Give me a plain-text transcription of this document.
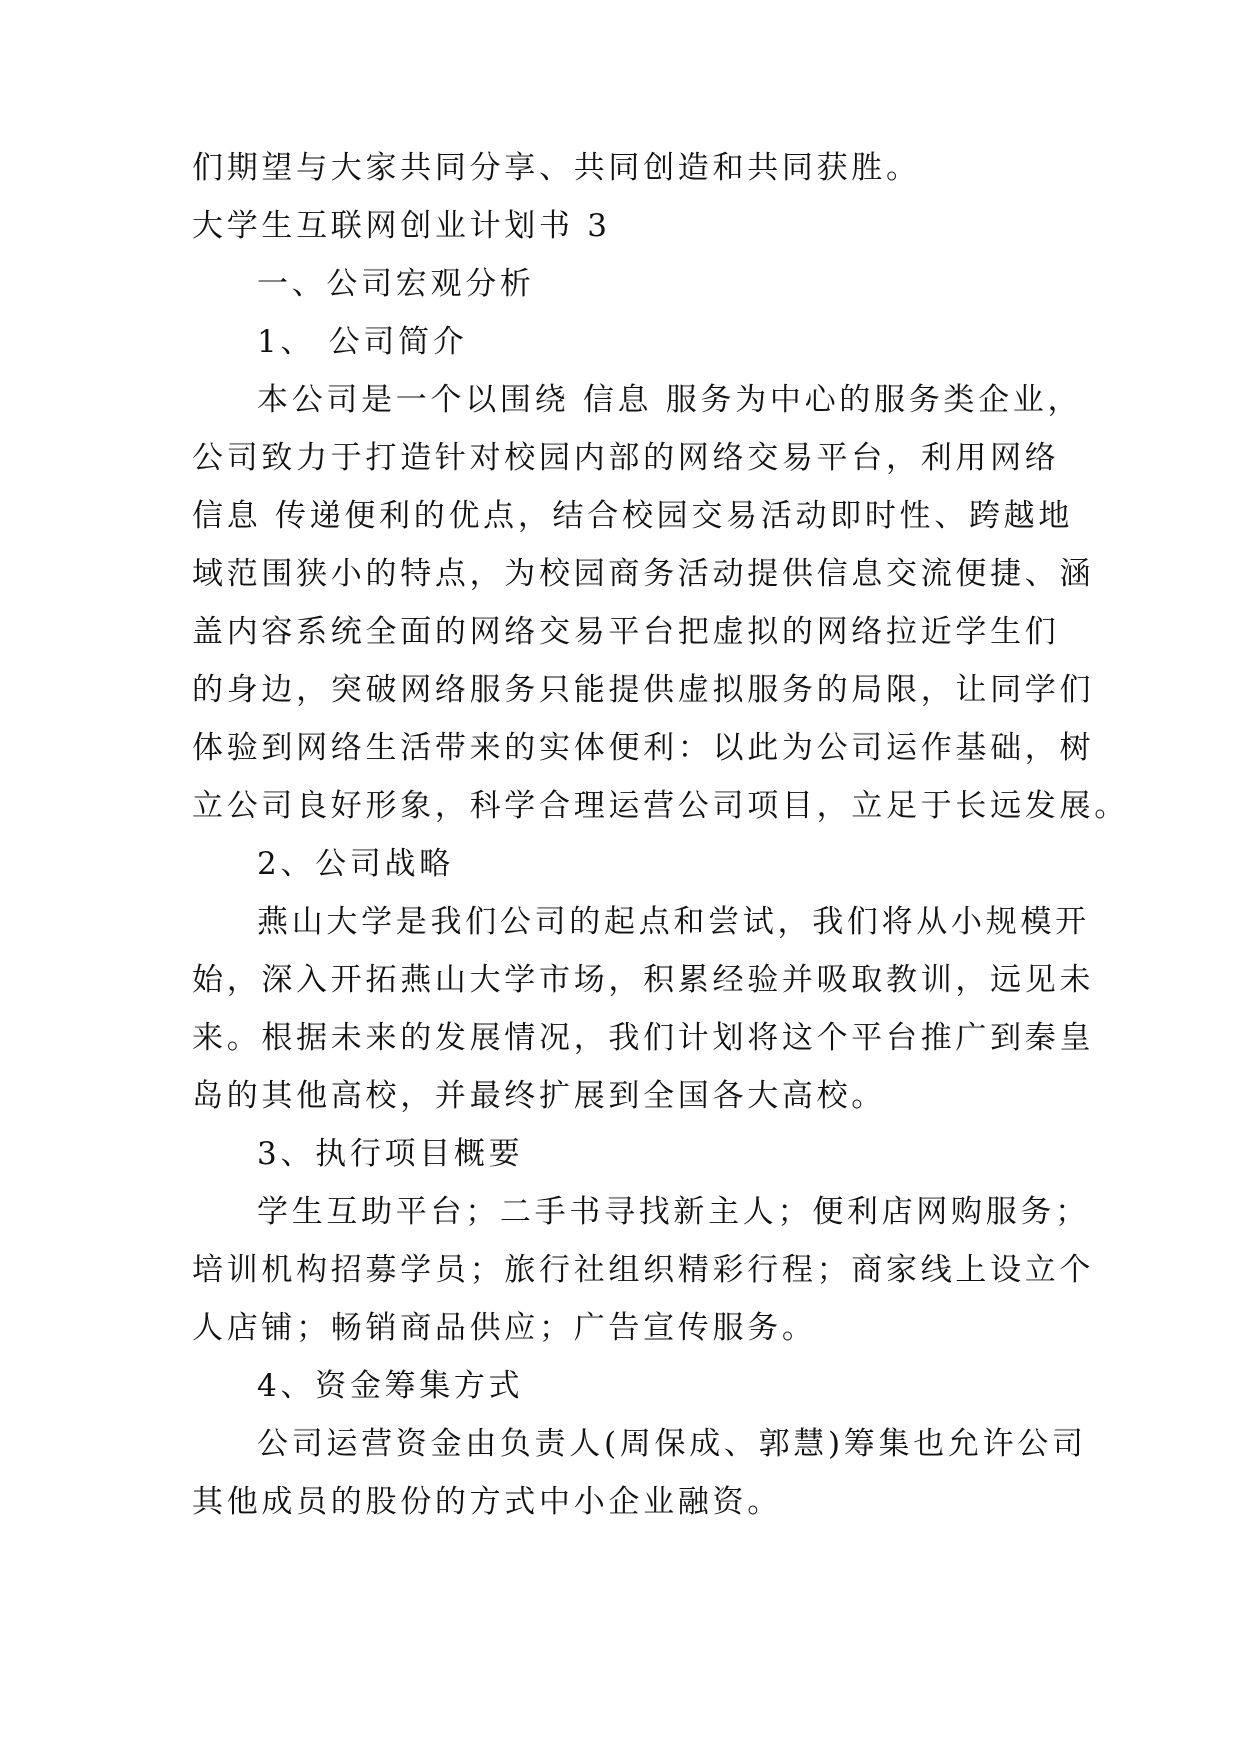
们期望与大家共同分享、共同创造和共同获胜。
大学生互联网创业计划书 3
一、公司宏观分析
1、 公司简介
本公司是一个以围绕 信息 服务为中心的服务类企业，
公司致力于打造针对校园内部的网络交易平台，利用网络
信息 传递便利的优点，结合校园交易活动即时性、跨越地
域范围狭小的特点，为校园商务活动提供信息交流便捷、涵
盖内容系统全面的网络交易平台把虚拟的网络拉近学生们
的身边，突破网络服务只能提供虚拟服务的局限，让同学们
体验到网络生活带来的实体便利：以此为公司运作基础，树
立公司良好形象，科学合理运营公司项目，立足于长远发展。
2、公司战略
燕山大学是我们公司的起点和尝试，我们将从小规模开
始，深入开拓燕山大学市场，积累经验并吸取教训，远见未
来。根据未来的发展情况，我们计划将这个平台推广到秦皇
岛的其他高校，并最终扩展到全国各大高校。
3、执行项目概要
学生互助平台；二手书寻找新主人；便利店网购服务；
培训机构招募学员；旅行社组织精彩行程；商家线上设立个
人店铺；畅销商品供应；广告宣传服务。
4、资金筹集方式
公司运营资金由负责人(周保成、郭慧)筹集也允许公司
其他成员的股份的方式中小企业融资。
